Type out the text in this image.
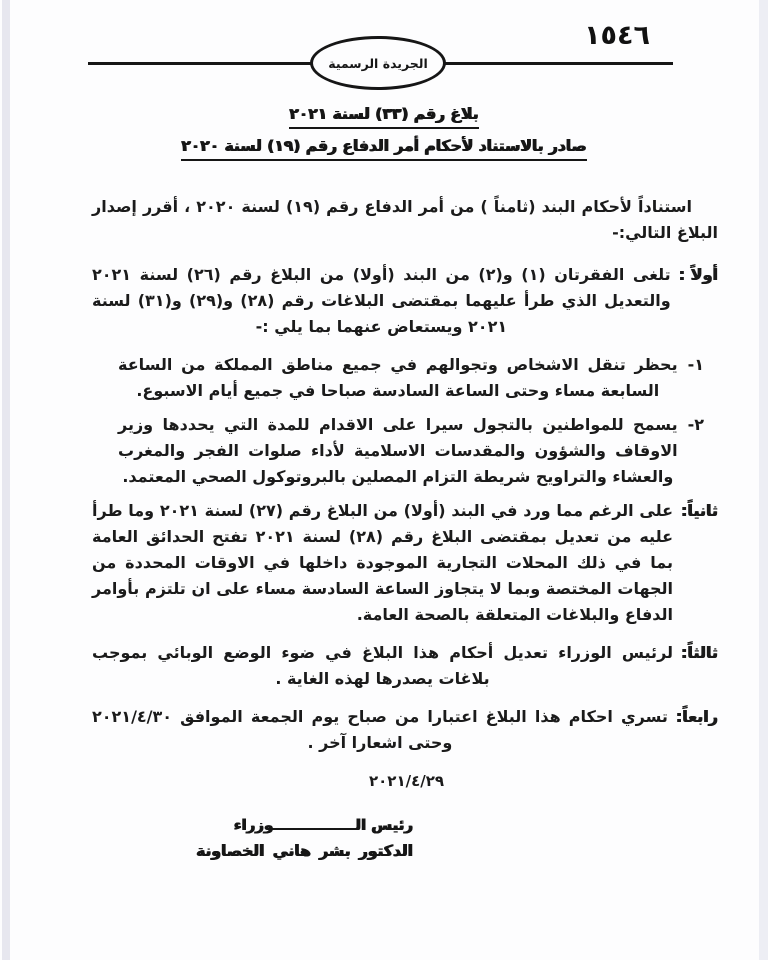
١٥٤٦
الجريدة الرسمية
بلاغ رقم (٣٣) لسنة ٢٠٢١
صادر بالاستناد لأحكام أمر الدفاع رقم (١٩) لسنة ٢٠٢٠

استناداً لأحكام البند (ثامناً ) من أمر الدفاع رقم (١٩) لسنة ٢٠٢٠ ، أقرر إصدار البلاغ التالي:-

أولاً :
تلغى الفقرتان (١) و(٢) من البند (أولا) من البلاغ رقم (٢٦) لسنة ٢٠٢١ والتعديل الذي طرأ عليهما بمقتضى البلاغات رقم (٢٨) و(٢٩) و(٣١) لسنة ٢٠٢١ ويستعاض عنهما بما يلي :-
١-
يحظر تنقل الاشخاص وتجوالهم في جميع مناطق المملكة من الساعة السابعة مساء وحتى الساعة السادسة صباحا في جميع أيام الاسبوع.
٢-
يسمح للمواطنين بالتجول سيرا على الاقدام للمدة التي يحددها وزير الاوقاف والشؤون والمقدسات الاسلامية لأداء صلوات الفجر والمغرب والعشاء والتراويح شريطة التزام المصلين بالبروتوكول الصحي المعتمد.
ثانياً:
على الرغم مما ورد في البند (أولا) من البلاغ رقم (٢٧) لسنة ٢٠٢١ وما طرأ عليه من تعديل بمقتضى البلاغ رقم (٢٨) لسنة ٢٠٢١ تفتح الحدائق العامة بما في ذلك المحلات التجارية الموجودة داخلها في الاوقات المحددة من الجهات المختصة وبما لا يتجاوز الساعة السادسة مساء على ان تلتزم بأوامر الدفاع والبلاغات المتعلقة بالصحة العامة.
ثالثاً:
لرئيس الوزراء تعديل أحكام هذا البلاغ في ضوء الوضع الوبائي بموجب بلاغات يصدرها لهذه الغاية .
رابعاً:
تسري احكام هذا البلاغ اعتبارا من صباح يوم الجمعة الموافق ٢٠٢١/٤/٣٠ وحتى اشعارا آخر .
٢٠٢١/٤/٢٩
رئيس الــــــــــــــــوزراء
الدكتور بشر هاني الخصاونة
